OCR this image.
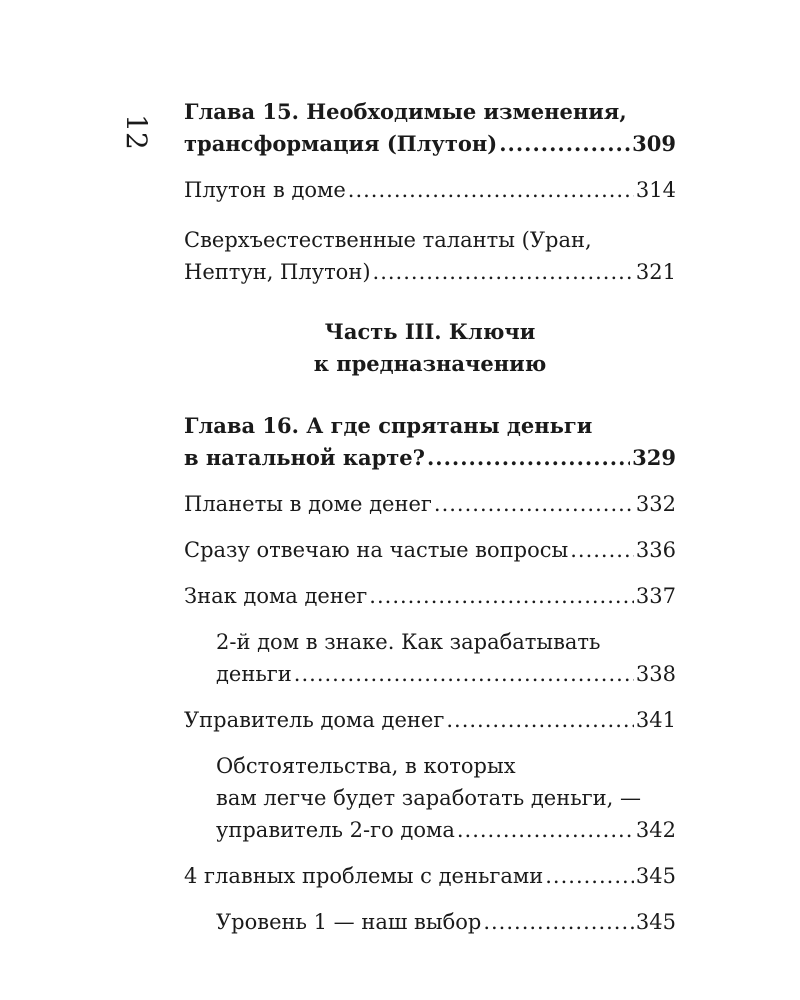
12
Глава 15. Необходимые изменения,
трансформация (Плутон) .....	309
Плутон в доме .....	314
Сверхъестественные таланты (Уран,
Нептун, Плутон) .....	321
Часть III. Ключи
к предназначению
Глава 16. А где спрятаны деньги
в натальной карте? .....	329
Планеты в доме денег .....	332
Сразу отвечаю на частые вопросы .....	336
Знак дома денег .....	337
2-й дом в знаке. Как зарабатывать
деньги .....	338
Управитель дома денег .....	341
Обстоятельства, в которых
вам легче будет заработать деньги, —
управитель 2-го дома .....	342
4 главных проблемы с деньгами .....	345
Уровень 1 — наш выбор .....	345
